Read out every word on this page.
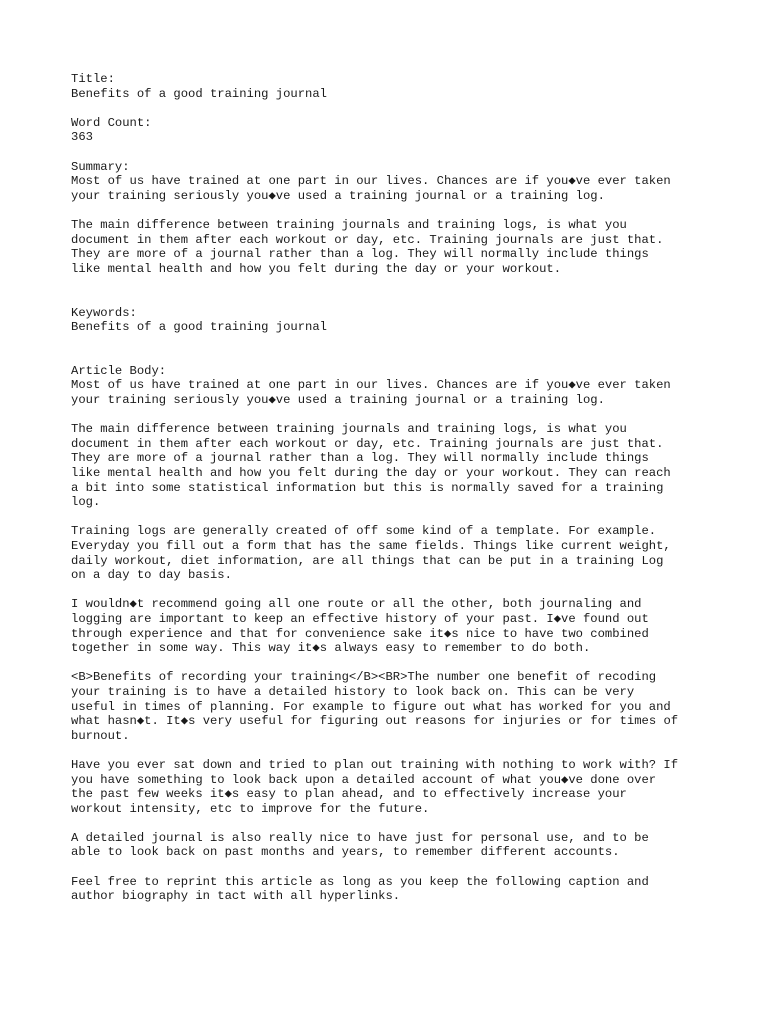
Title:
Benefits of a good training journal
Word Count:
363
Summary:
Most of us have trained at one part in our lives. Chances are if you◆ve ever taken
your training seriously you◆ve used a training journal or a training log.
The main difference between training journals and training logs, is what you
document in them after each workout or day, etc. Training journals are just that.
They are more of a journal rather than a log. They will normally include things
like mental health and how you felt during the day or your workout.
Keywords:
Benefits of a good training journal
Article Body:
Most of us have trained at one part in our lives. Chances are if you◆ve ever taken
your training seriously you◆ve used a training journal or a training log.
The main difference between training journals and training logs, is what you
document in them after each workout or day, etc. Training journals are just that.
They are more of a journal rather than a log. They will normally include things
like mental health and how you felt during the day or your workout. They can reach
a bit into some statistical information but this is normally saved for a training
log.
Training logs are generally created of off some kind of a template. For example.
Everyday you fill out a form that has the same fields. Things like current weight,
daily workout, diet information, are all things that can be put in a training Log
on a day to day basis.
I wouldn◆t recommend going all one route or all the other, both journaling and
logging are important to keep an effective history of your past. I◆ve found out
through experience and that for convenience sake it◆s nice to have two combined
together in some way. This way it◆s always easy to remember to do both.
<B>Benefits of recording your training</B><BR>The number one benefit of recoding
your training is to have a detailed history to look back on. This can be very
useful in times of planning. For example to figure out what has worked for you and
what hasn◆t. It◆s very useful for figuring out reasons for injuries or for times of
burnout.
Have you ever sat down and tried to plan out training with nothing to work with? If
you have something to look back upon a detailed account of what you◆ve done over
the past few weeks it◆s easy to plan ahead, and to effectively increase your
workout intensity, etc to improve for the future.
A detailed journal is also really nice to have just for personal use, and to be
able to look back on past months and years, to remember different accounts.
Feel free to reprint this article as long as you keep the following caption and
author biography in tact with all hyperlinks.
